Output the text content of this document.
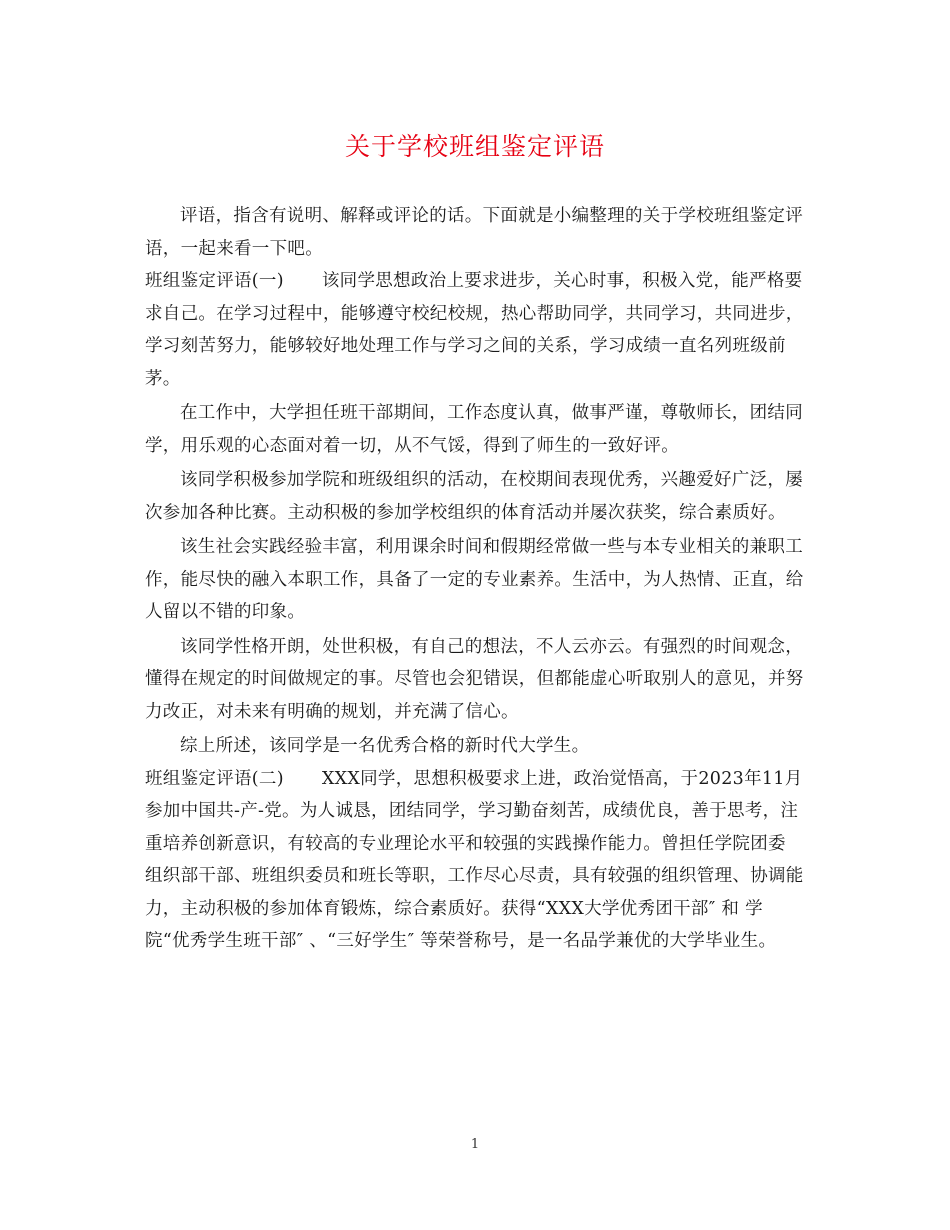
关于学校班组鉴定评语

评语，指含有说明、解释或评论的话。下面就是小编整理的关于学校班组鉴定评语，一起来看一下吧。

班组鉴定评语(一) 该同学思想政治上要求进步，关心时事，积极入党，能严格要求自己。在学习过程中，能够遵守校纪校规，热心帮助同学，共同学习，共同进步，学习刻苦努力，能够较好地处理工作与学习之间的关系，学习成绩一直名列班级前茅。

在工作中，大学担任班干部期间，工作态度认真，做事严谨，尊敬师长，团结同学，用乐观的心态面对着一切，从不气馁，得到了师生的一致好评。

该同学积极参加学院和班级组织的活动，在校期间表现优秀，兴趣爱好广泛，屡次参加各种比赛。主动积极的参加学校组织的体育活动并屡次获奖，综合素质好。

该生社会实践经验丰富，利用课余时间和假期经常做一些与本专业相关的兼职工作，能尽快的融入本职工作，具备了一定的专业素养。生活中，为人热情、正直，给人留以不错的印象。

该同学性格开朗，处世积极，有自己的想法，不人云亦云。有强烈的时间观念，懂得在规定的时间做规定的事。尽管也会犯错误，但都能虚心听取别人的意见，并努力改正，对未来有明确的规划，并充满了信心。

综上所述，该同学是一名优秀合格的新时代大学生。

班组鉴定评语(二) XXX同学，思想积极要求上进，政治觉悟高，于2023年11月 参加中国共-产-党。为人诚恳，团结同学，学习勤奋刻苦，成绩优良，善于思考，注重培养创新意识，有较高的专业理论水平和较强的实践操作能力。曾担任学院团委 组织部干部、班组织委员和班长等职，工作尽心尽责，具有较强的组织管理、协调能力，主动积极的参加体育锻炼，综合素质好。获得“XXX大学优秀团干部″ 和 学院“优秀学生班干部″ 、“三好学生″ 等荣誉称号，是一名品学兼优的大学毕业生。

1
